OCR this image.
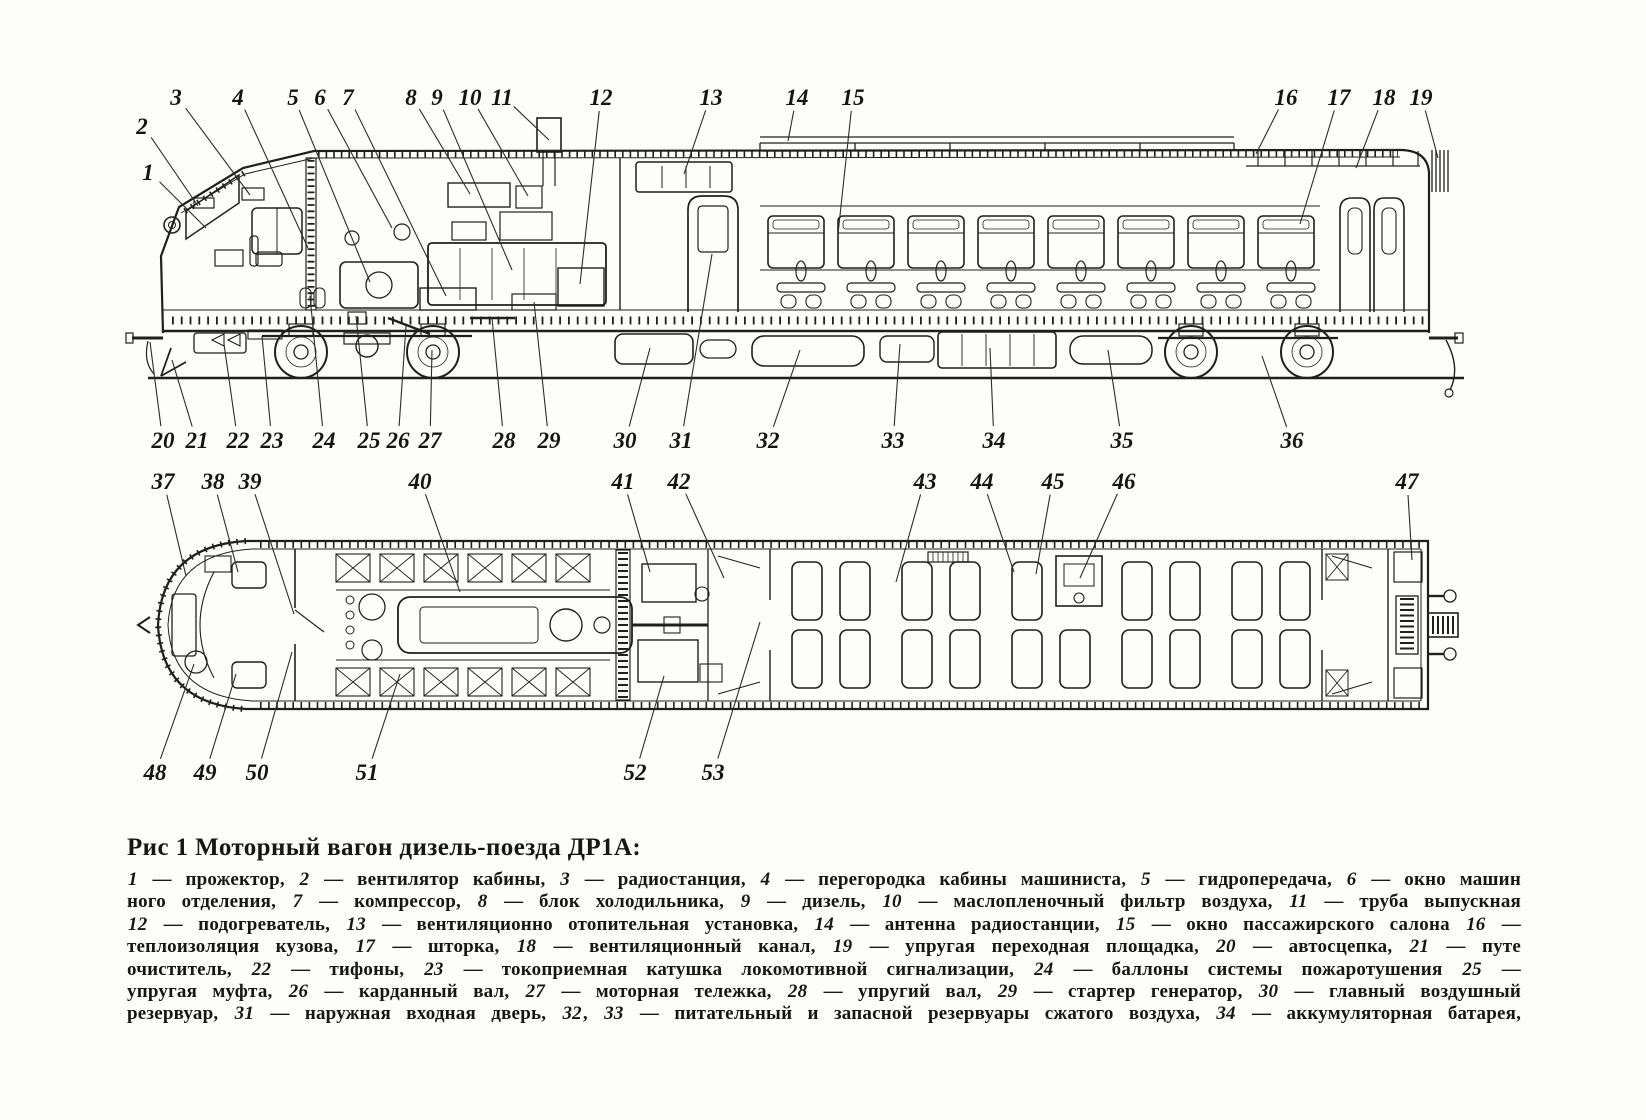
1
2
3 4 5 6 7 8 9 10 11	12	13	14 15	16 17 18 19
20 21 22 23 24 25 26 27 28 29 30 31	32	33	34	35	36
37 38 39	40	41 42	43 44 45 46	47
48 49 50	51	52 53
Рис 1 Моторный вагон дизель-поезда ДР1А:
1 — прожектор, 2 — вентилятор кабины, 3 — радиостанция, 4 — перегородка кабины машиниста, 5 — гидропередача, 6 — окно машин
ного отделения, 7 — компрессор, 8 — блок холодильника, 9 — дизель, 10 — маслопленочный фильтр воздуха, 11 — труба выпускная
12 — подогреватель, 13 — вентиляционно отопительная установка, 14 — антенна радиостанции, 15 — окно пассажирского салона 16 —
теплоизоляция кузова, 17 — шторка, 18 — вентиляционный канал, 19 — упругая переходная площадка, 20 — автосцепка, 21 — путе
очиститель, 22 — тифоны, 23 — токоприемная катушка локомотивной сигнализации, 24 — баллоны системы пожаротушения 25 —
упругая муфта, 26 — карданный вал, 27 — моторная тележка, 28 — упругий вал, 29 — стартер генератор, 30 — главный воздушный
резервуар, 31 — наружная входная дверь, 32, 33 — питательный и запасной резервуары сжатого воздуха, 34 — аккумуляторная батарея,
